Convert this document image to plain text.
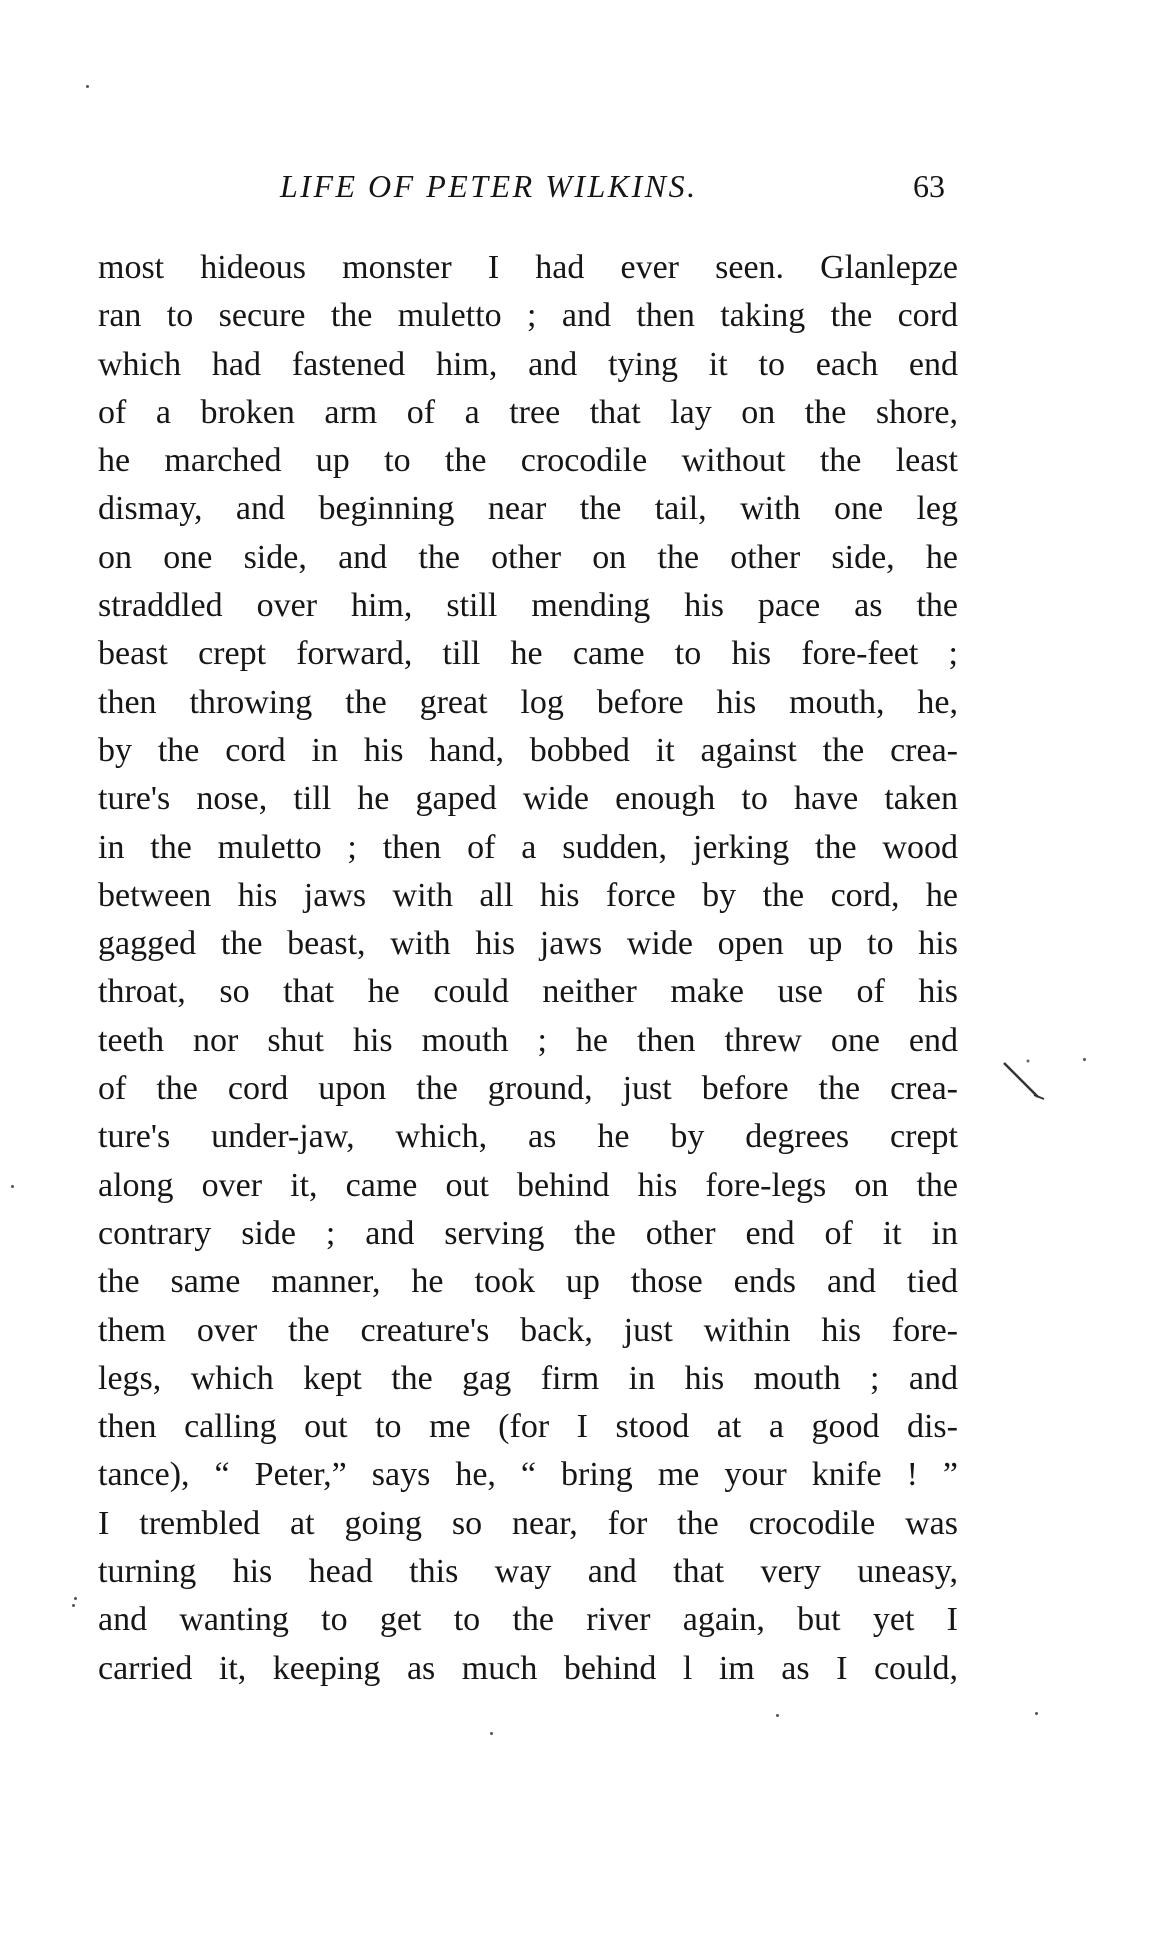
LIFE OF PETER WILKINS.	63
most hideous monster I had ever seen. Glanlepze
ran to secure the muletto ; and then taking the cord
which had fastened him, and tying it to each end
of a broken arm of a tree that lay on the shore,
he marched up to the crocodile without the least
dismay, and beginning near the tail, with one leg
on one side, and the other on the other side, he
straddled over him, still mending his pace as the
beast crept forward, till he came to his fore-feet ;
then throwing the great log before his mouth, he,
by the cord in his hand, bobbed it against the crea-
ture's nose, till he gaped wide enough to have taken
in the muletto ; then of a sudden, jerking the wood
between his jaws with all his force by the cord, he
gagged the beast, with his jaws wide open up to his
throat, so that he could neither make use of his
teeth nor shut his mouth ; he then threw one end
of the cord upon the ground, just before the crea-
ture's under-jaw, which, as he by degrees crept
along over it, came out behind his fore-legs on the
contrary side ; and serving the other end of it in
the same manner, he took up those ends and tied
them over the creature's back, just within his fore-
legs, which kept the gag firm in his mouth ; and
then calling out to me (for I stood at a good dis-
tance), “ Peter,” says he, “ bring me your knife ! ”
I trembled at going so near, for the crocodile was
turning his head this way and that very uneasy,
and wanting to get to the river again, but yet I
carried it, keeping as much behind l im as I could,
